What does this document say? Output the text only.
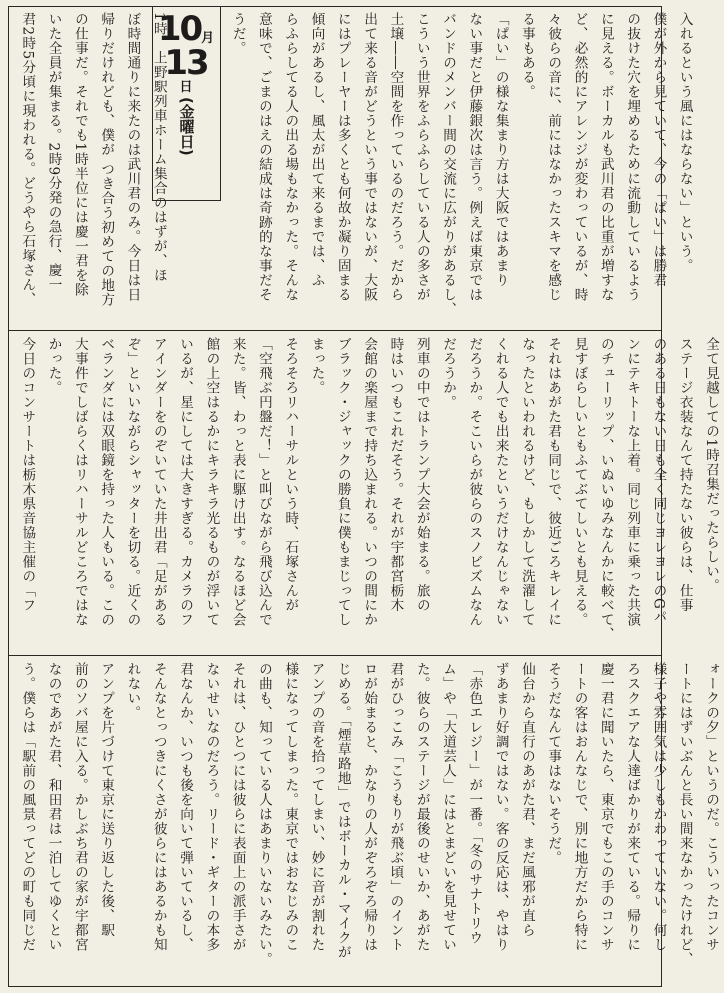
10 月
13
日
(金曜日)	入れるという風にはならない」という。
僕が外から見ていて、今の「ぱい」は勝君
の抜けた穴を埋めるために流動しているよう
に見える。ボーカルも武川君の比重が増すな
ど、必然的にアレンジが変わっているが、時
々彼らの音に、前にはなかったスキマを感じ
る事もある。
「ぱい」の様な集まり方は大阪ではあまり
ない事だと伊藤銀次は言う。例えば東京では
バンドのメンバー間の交流に広がりがあるし、
こういう世界をふらふらしている人の多さが
土壌――空間を作っているのだろう。だから
出て来る音がどうという事ではないが、大阪
にはプレーヤーは多くとも何故か凝り固まる
傾向があるし、風太が出て来るまでは、ふ
らふらしてる人の出る場もなかった。そんな
意味で、ごまのはえの結成は奇跡的な事だそ
うだ。

1時、上野駅列車ホーム集合のはずが、ほ
ぼ時間通りに来たのは武川君のみ。今日は日
帰りだけれども、僕が つき合う初めての地方
の仕事だ。それでも1時半位には慶一君を除
いた全員が集まる。2時9分発の急行、慶一
君2時5分頃に現われる。どうやら石塚さん、
全て見越しての1時召集だったらしい。
ステージ衣装なんて持たない彼らは、仕事
のある日もない日も全く同じヨレヨレのGパ
ンにテキトーな上着。同じ列車に乗った共演
のチューリップ、いぬいゆみなんかに較べて、
見すぼらしいともふてぶてしいとも見える。
それはあがた君も同じで、彼近ごろキレイに
なったといわれるけど、もしかして洗濯して
くれる人でも出来たというだけなんじゃない
だろうか。そこいらが彼らのスノビズムなん
だろうか。
列車の中ではトランプ大会が始まる。旅の
時はいつもこれだそう。それが宇都宮栃木
会館の楽屋まで持ち込まれる。いつの間にか
ブラック・ジャックの勝負に僕もまじってし
まった。
そろそろリハーサルという時、石塚さんが
「空飛ぶ円盤だ！」と叫びながら飛び込んで
来た。皆、わっと表に駆け出す。なるほど会
館の上空はるかにキラキラ光るものが浮いて
いるが、星にしては大きすぎる。カメラのフ
アインダーをのぞいていた井出君「足がある
ぞ」といいながらシャッターを切る。近くの
ベランダには双眼鏡を持った人もいる。この
大事件でしばらくはリハーサルどころではな
かった。
今日のコンサートは栃木県音協主催の「フ
ォークの夕」というのだ。こういったコンサ
ートにはずいぶんと長い間来なかったけれど、
様子や雰囲気は少しもかわっていない。何し
ろスクエアな人達ばかりが来ている。帰りに
慶一君に聞いたら、東京でもこの手のコンサ
ートの客はおんなじで、別に地方だから特に
そうだなんて事はないそうだ。
仙台から直行のあがた君、まだ風邪が直ら
ずあまり好調ではない。客の反応は、やはり
「赤色エレジー」が一番。「冬のサナトリウ
ム」や「大道芸人」にはとまどいを見せてい
た。彼らのステージが最後のせいか、あがた
君がひっこみ「こうもりが飛ぶ頃」のイント
ロが始まると、かなりの人がぞろぞろ帰りは
じめる。「煙草路地」ではボーカル・マイクが
アンプの音を拾ってしまい、妙に音が割れた
様になってしまった。東京ではおなじみのこ
の曲も、知っている人はあまりいないみたい。
それは、ひとつには彼らに表面上の派手さが
ないせいなのだろう。リード・ギターの本多
君なんか、いつも後を向いて弾いているし、
そんなとっつきにくさが彼らにはあるかも知
れない。
アンプを片づけて東京に送り返した後、駅
前のソバ屋に入る。かしぶち君の家が宇都宮
なのであがた君、和田君は一泊してゆくとい
う。僕らは「駅前の風景ってどの町も同じだ
